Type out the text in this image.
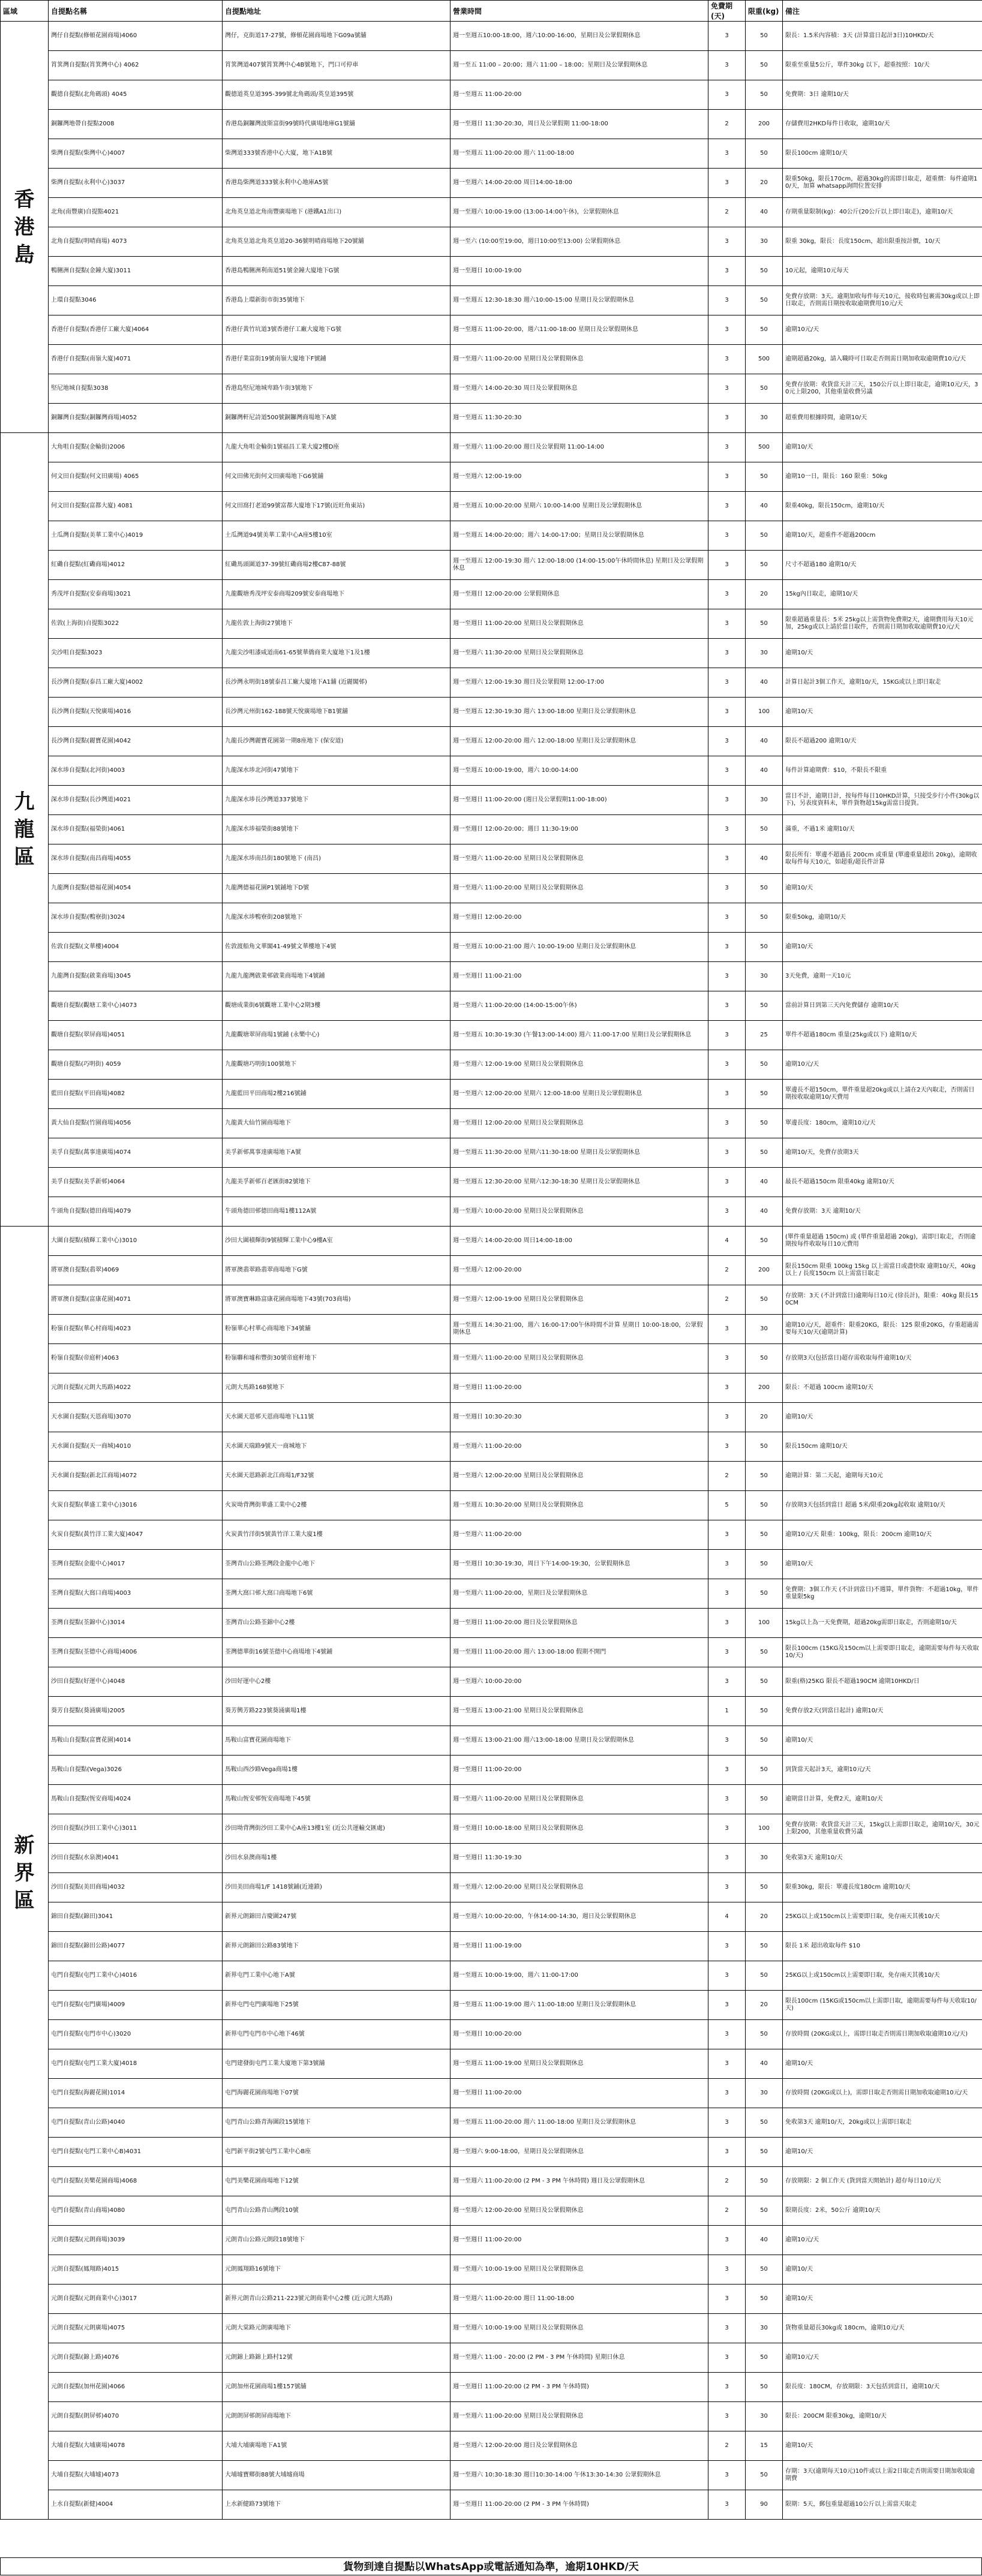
區域	自提點名稱	自提點地址	營業時間	免費期(天)	限重(kg)	備注
香港島	灣仔自提點(修頓花園商場)4060	灣仔，克街道17-27號，修頓花園商場地下G09a號舖	週一至週五10:00-18:00，週六10:00-16:00，星期日及公眾假期休息	3	50	限長：1.5米內容積：3天 (計算當日起計3日)10HKD/天
	筲箕灣自提點(筲箕灣中心) 4062	筲箕灣道407號筲箕灣中心4B號地下，門口可停車	週一至五 11:00 – 20:00；週六 11:00 – 18:00；星期日及公眾假期休息	3	50	限重至重量5公斤，單件30kg 以下，超重按照：10/天
	觀德自提點(北角碼頭) 4045	觀德道英皇道395-399號北角碼頭/英皇道395號	週一至週五 11:00-20:00	3	50	免費期：3日 逾期10/天
	銅鑼灣地帶自提點2008	香港島銅鑼灣波斯富街99號時代廣場地庫G1號舖	週一至週日 11:30-20:30，周日及公眾假期 11:00-18:00	2	200	存儲費用2HKD每件日收取，逾期10/天
	柴灣自提點(柴灣中心)4007	柴灣道333號香港中心大廈，地下A1B號	週一至週五 11:00-20:00 週六 11:00-18:00	3	50	限長100cm 逾期10/天
	柴灣自提點(永利中心)3037	香港島柴灣道333號永利中心地庫A5號	週一至週六 14:00-20:00 周日14:00-18:00	3	20	限重50kg，限長170cm，超過30kg的需即日取走，超重價：每件逾期10/天，加算 whatsapp詢問位置安排
	北角(南豐廣)自提點4021	北角英皇道北角南豐廣場地下 (港鐵A1出口)	週一至週六 10:00-19:00 (13:00-14:00午休)，公眾假期休息	2	40	存期重量限制(kg)：40公斤(20公斤以上即日取走)，逾期10/天
	北角自提點(明晴商場) 4073	北角英皇道北角英皇道20-36號明晴商場地下20號舖	週一至六 (10:00至19:00，週日10:00至13:00) 公眾假期休息	3	30	限重 30kg，限長：長度150cm，超出限重按計價，10/天
	鴨脷洲自提點(金鐘大廈)3011	香港島鴨脷洲利南道51號金鐘大廈地下G號	週一至週日 10:00-19:00	3	50	10元起，逾期10元每天
	上環自提點3046	香港島上環新街市街35號地下	週一至週五 12:30-18:30 週六10:00-15:00 星期日及公眾假期休息	3	50	免費存放期：3天。逾期加收每件每天10元，接收時包裹需30kg或以上即日取走，否則需日期按收取逾期費用10元/天
	香港仔自提點(香港仔工廠大廈)4064	香港仔黃竹坑道3號香港仔工廠大廈地下G號	週一至週五 11:00-20:00，週六11:00-18:00 星期日及公眾假期休息	3	50	逾期10元/天
	香港仔自提點(南嶺大廈)4071	香港仔業富街19號南嶺大廈地下F號鋪	週一至週六 11:00-20:00 星期日及公眾假期休息	3	500	逾期超過20kg，請入職時可日取走否則需日期加收取逾期費10元/天
	堅尼地城自提點3038	香港島堅尼地城卑路乍街3號地下	週一至週六 14:00-20:30 周日及公眾假期休息	3	50	免費存放期：收貨當天計三天，150公斤以上即日取走，逾期10元/天，30元上限200，其他重量收費另議
	銅鑼灣自提點(銅鑼灣商場)4052	銅鑼灣軒尼詩道500號銅鑼灣商場地下A號	週一至週五 11:30-20:30	3	30	超重費用根據時間，逾期10/天
九龍區	大角咀自提點(金輪街)2006	九龍大角咀金輪街1號福昌工業大廈2樓D座	週一至週六 11:00-20:00 週日及公眾假期 11:00-14:00	3	500	逾期10/天
	何文田自提點(何文田廣場) 4065	何文田佛光街何文田廣場地下G6號舖	週一至週六 12:00-19:00	3	50	逾期10一日，限長：160 限重：50kg
	何文田自提點(富都大廈) 4081	何文田窩打老道99號富都大廈地下17號(近旺角東站)	週一至週五 10:00-20:00 星期六 10:00-14:00 星期日及公眾假期休息	3	40	限重40kg，限長150cm，逾期10/天
	土瓜灣自提點(美華工業中心)4019	土瓜灣道94號美華工業中心A座5樓10室	週一至週五 14:00-20:00；週六 14:00-17:00；星期日及公眾假期休息	3	50	逾期10/天，超重件不超過200cm
	紅磡自提點(紅磡商場)4012	紅磡馬頭圍道37-39號紅磡商場2樓C87-88號	週一至週五 12:00-19:30 週六 12:00-18:00 (14:00-15:00午休時間休息) 星期日及公眾假期休息	3	50	尺寸不超過180 逾期10/天
	秀茂坪自提點(安泰商場)3021	九龍觀塘秀茂坪安泰商場209號安泰商場地下	週一至週日 12:00-20:00 公眾假期休息	3	20	15kg內日取走，逾期10/天
	佐敦(上海街)自提點3022	九龍佐敦上海街27號地下	週一至週日 11:00-20:00 星期日及公眾假期休息	3	50	限重超過重量長：5米 25kg以上需貨物免費期2天，逾期費用每天10元加，25kg或以上請於當日取件，否則需日期加收取逾期費10元/天
	尖沙咀自提點3023	九龍尖沙咀漆咸道南61-65號華僑商業大廈地下1及1樓	週一至週六 11:30-20:00 星期日及公眾假期休息	3	30	逾期10/天
	長沙灣自提點(泰昌工廠大廈)4002	長沙灣永明街18號泰昌工廠大廈地下A1舖 (近麗閣邨)	週一至週六 12:00-19:30 週日及公眾假期 12:00-17:00	3	40	計算日起計3個工作天，逾期10/天，15KG或以上即日取走
	長沙灣自提點(天悅廣場)4016	長沙灣元州街162-188號天悅廣場地下B1號舖	週一至週五 12:30-19:30 週六 13:00-18:00 星期日及公眾假期休息	3	100	逾期10/天
	長沙灣自提點(麗寶花園)4042	九龍長沙灣麗寶花園第一期8座地下 (保安道)	週一至週五 12:00-20:00 週六 12:00-18:00 星期日及公眾假期休息	3	40	限長不超過200 逾期10/天
	深水埗自提點(北河街)4003	九龍深水埗北河街47號地下	週一至週五 10:00-19:00，週六 10:00-14:00	3	40	每件計算逾期費：$10，不限長不限重
	深水埗自提點(長沙灣道)4021	九龍深水埗長沙灣道337號地下	週一至週日 11:00-20:00 (週日及公眾假期11:00-18:00)	3	30	當日不計，逾期日計，按每件每日10HKD計算，只接受步行小件(30kg以下)，另表度資料未，單件貨物超15kg需當日提貨。
	深水埗自提點(福榮街)4061	九龍深水埗福榮街88號地下	週一至週日 12:00-20:00；週日 11:30-19:00	3	50	滿重，不過1米 逾期10/天
	深水埗自提點(南昌商場)4055	九龍深水埗南昌街180號地下 (南昌)	週一至週六 11:00-20:00 星期日及公眾假期休息	3	40	限長所有：單邊不超過長 200cm 或重量 (單邊重量超出 20kg)，逾期收取每件每天10元，如超重/超長件計算
	九龍灣自提點(德福花園)4054	九龍灣德福花園P1號鋪地下D號	週一至週六 11:00-20:00 星期日及公眾假期休息	3	50	逾期10/天
	深水埗自提點(鴨寮街)3024	九龍深水埗鴨寮街208號地下	週一至週日 12:00-20:00	3	50	限重50kg，逾期10/天
	佐敦自提點(文華樓)4004	佐敦渡船角文華閣41-49號文華樓地下4號	週一至週五 10:00-21:00 週六 10:00-19:00 星期日及公眾假期休息	3	50	逾期10/天
	九龍灣自提點(啟業商場)3045	九龍九龍灣啟業邨啟業商場地下4號鋪	週一至週日 11:00-21:00	3	30	3天免費，逾期一天10元
	觀塘自提點(觀塘工業中心)4073	觀塘成業街6號觀塘工業中心2期3樓	週一至週六 11:00-20:00 (14:00-15:00午休)	3	50	當前計算日到第三天內免費儲存 逾期10/天
	觀塘自提點(翠屏商場)4051	九龍觀塘翠屏商場1號鋪 (永樂中心)	週一至週五 10:30-19:30 (午餐13:00-14:00) 週六 11:00-17:00 星期日及公眾假期休息	3	25	單件不超過180cm 重量(25kg或以下) 逾期10/天
	觀塘自提點(巧明街) 4059	九龍觀塘巧明街100號地下	週一至週六 12:00-19:00 星期日及公眾假期休息	3	50	逾期10元/天
	藍田自提點(平田商場)4082	九龍藍田平田商場2樓216號鋪	週一至週六 12:00-20:00 星期六 12:00-18:00 星期日及公眾假期休息	3	50	單邊長不超150cm，單件重量超20kg或以上請在2天內取走，否則需日期按收取逾期10/天費用
	黃大仙自提點(竹園商場)4056	九龍黃大仙竹園商場地下	週一至週日 12:00-20:00 星期日及公眾假期休息	3	50	單邊長度：180cm，逾期10元/天
	美孚自提點(萬事達廣場)4074	美孚新邨萬事達廣場地下A號	週一至週五 11:30-20:00 星期六11:30-18:00 星期日及公眾假期休息	3	50	逾期10/天，免費存放期3天
	美孚自提點(美孚新邨)4064	九龍美孚新邨百老匯街82號地下	週一至週五 12:30-20:00 星期六12:30-18:30 星期日及公眾假期休息	3	40	最長不超過150cm 限重40kg 逾期10/天
	牛頭角自提點(德田商場)4079	牛頭角德田邨德田商場1樓112A號	週一至週六 10:00-20:00 星期日及公眾假期休息	3	40	免費存放期：3天 逾期10/天
新界區	大圍自提點(積輝工業中心)3010	沙田大圍積輝街9號積輝工業中心9樓A室	週一至週六 14:00-20:00 周日14:00-18:00	4	50	(單件重量超過 150cm) 或 (單件重量超過 20kg)，需即日取走，否則逾期按每件收取每日10元費用
	將軍澳自提點(翡翠)4069	將軍澳翡翠路翡翠商場地下G號	週一至週六 12:00-20:00	2	200	限長150cm 限重 100kg 15kg 以上需當日或盡快取 逾期10/天，40kg 以上 / 長度150cm 以上需當日取走
	將軍澳自提點(富康花園)4071	將軍澳寶琳路富康花園商場地下43號(703商場)	週一至週六 12:00-19:00 星期日及公眾假期休息	2	50	存放期：3天 (不計到當日)逾期每日10元 (徐長計)，限重：40kg 限長150CM
	粉嶺自提點(華心村商場)4023	粉嶺華心村華心商場地下34號舖	週一至週五 14:30-21:00，週六 16:00-17:00午休時間不計算 星期日 10:00-18:00，公眾假期休息	3	30	逾期10元/天，超重件：限重20KG，限長：125 限重20KG，存重超過需要每天10/天(逾期計算)
	粉嶺自提點(帝庭軒)4063	粉嶺聯和墟和豐街30號帝庭軒地下	週一至週六 11:00-20:00 星期日及公眾假期休息	3	50	存放期3天(包括當日)超存需收取每件逾期10/天
	元朗自提點(元朗大馬路)4022	元朗大馬路168號地下	週一至週日 11:00-20:00	3	200	限長：不超過 100cm 逾期10/天
	天水圍自提點(天恩商場)3070	天水圍天恩邨天恩商場地下L11號	週一至週日 10:30-20:30	3	20	逾期10/天
	天水圍自提點(天一商城)4010	天水圍天瑞路9號天一商城地下	週一至週六 11:00-20:00	3	50	限長150cm 逾期10/天
	天水圍自提點(新北江商場)4072	天水圍天恩路新北江商場1/F32號	週一至週六 12:00-20:00 星期日及公眾假期休息	2	50	逾期計算：第二天起，逾期每天10元
	火炭自提點(華盛工業中心)3016	火炭坳背灣街華盛工業中心2樓	週一至週五 10:30-20:00 星期日及公眾假期休息	5	50	存放期3天包括到當日 超過 5米/限重20kg起收取 逾期10/天
	火炭自提點(黃竹洋工業大廈)4047	火炭黃竹洋街5號黃竹洋工業大廈1樓	週一至週六 11:00-20:00	3	50	逾期10元/天 限重：100kg，限長：200cm 逾期10/天
	荃灣自提點(金龍中心)4017	荃灣青山公路荃灣段金龍中心地下	週一至週日 10:30-19:30，周日下午14:00-19:30，公眾假期休息	3	50	逾期10/天
	荃灣自提點(大窩口商場)4003	荃灣大窩口邨大窩口商場地下6號	週一至週六 11:00-20:00，星期日及公眾假期休息	3	50	免費期：3個工作天 (不計到當日)不週算，單件貨物：不超過10kg，單件重量限5kg
	荃灣自提點(荃錦中心)3014	荃灣青山公路荃錦中心2樓	週一至週日 11:00-20:00 週日及公眾假期休息	3	100	15kg以上為一天免費期，超過20kg需即日取走，否則逾期10/天
	荃灣自提點(荃德中心商場)4006	荃灣德華街16號荃德中心商場地下4號鋪	週一至週日 11:00-20:00 週六 13:00-18:00 假期不開門	3	50	限長100cm (15KG及150cm以上需要即日取走，逾期需要每件每天收取10/天)
	沙田自提點(好運中心)4048	沙田好運中心2樓	週一至週六 10:00-20:00	3	50	限重(格)25KG 限長不超過190CM 逾期10HKD/日
	葵芳自提點(葵涌廣場)2005	葵芳興芳路223號葵涌廣場1樓	週一至週五 13:00-21:00 星期日及公眾假期休息	1	50	免費存放2天(到當日起計) 逾期10/天
	馬鞍山自提點(富寶花園)4014	馬鞍山富寶花園商場地下	週一至週五 13:00-21:00 週六13:00-18:00 星期日及公眾假期休息	3	50	逾期10/天
	馬鞍山自提點(Vega)3026	馬鞍山西沙路Vega商場1樓	週一至週日 11:00-20:00	3	50	到貨當天起計3天，逾期10元/天
	馬鞍山自提點(恆安商場)4024	馬鞍山恆安邨恆安商場地下45號	週一至週六 11:00-20:00 星期日及公眾假期休息	3	50	逾期當日計算，免費2天，逾期10/天
	沙田自提點(沙田工業中心)3011	沙田坳背灣街沙田工業中心A座13樓1室 (近公共運輸交匯處)	週一至週日 10:00-18:00 星期日及公眾假期休息	3	100	免費存放期：收貨當天計三天，15kg以上需即日取走，逾期10/天，30元上限200，其他重量收費另議
	沙田自提點(水泉澳)4041	沙田水泉澳商場1樓	週一至週日 11:30-19:30	3	30	免收第3天 逾期10/天
	沙田自提點(美田商場)4032	沙田美田商場1/F 1418號鋪(近連鎖)	週一至週六 12:00-20:00 星期日及公眾假期休息	3	50	限重30kg，限長：單邊長度180cm 逾期10/天
	錦田自提點(錦田)3041	新界元朗錦田吉慶圍247號	週一至週六 10:00-20:00，午休14:00-14:30，週日及公眾假期休息	4	20	25KG以上或150cm以上需要即日取，免存兩天其後10/天
	錦田自提點(錦田公路)4077	新界元朗錦田公路83號地下	週一至週日 11:00-19:00	3	50	限長 1米 超出收取每件 $10
	屯門自提點(屯門工業中心)4016	新界屯門工業中心地下A號	週一至週五 10:00-19:00，週六 11:00-17:00	3	50	25KG以上或150cm以上需要即日取，免存兩天其後10/天
	屯門自提點(屯門廣場)4009	新界屯門屯門廣場地下25號	週一至週五 11:00-19:00 週六 11:00-18:00 星期日及公眾假期休息	3	20	限長100cm (15KG或150cm以上需即日取，逾期需要每件每天收取10/天)
	屯門自提點(屯門市中心)3020	新界屯門屯門市中心地下46號	週一至週日 10:00-20:00	3	50	存放時間 (20KG或以上，需即日取走否則需日期加收取逾期10元/天)
	屯門自提點(屯門工業大廈)4018	屯門建發街屯門工業大廈地下第3號舖	週一至週五 11:00-19:00 星期日及公眾假期休息	3	40	逾期10/天
	屯門自提點(海麗花園)1014	屯門海麗花園商場地下07號	週一至週日 11:00-20:00	3	30	存放時間 (20KG或以上)，需即日取走否則需日期加收取逾期10元/天
	屯門自提點(青山公路)4040	屯門青山公路青海圍段15號地下	週一至週五 11:00-20:00 週六 11:00-18:00 星期日及公眾假期休息	3	50	免收第3天 逾期10/天，20kg或以上需即日取走
	屯門自提點(屯門工業中心B)4031	屯門新平街2號屯門工業中心B座	週一至週六 9:00-18:00，星期日及公眾假期休息	3	50	逾期10/天
	屯門自提點(美樂花園商場)4068	屯門美樂花園商場地下12號	週一至週六 11:00-20:00 (2 PM - 3 PM 午休時間) 週日及公眾假期休息	2	50	存放期限：2 個工作天 (貨到當天開始計) 超存每日10元/天
	屯門自提點(青山商場)4080	屯門青山公路青山灣段10號	週一至週六 12:00-20:00 星期日及公眾假期休息	2	50	限期長度：2米，50公斤 逾期10/天
	元朗自提點(元朗商場)3039	元朗青山公路元朗段18號地下	週一至週日 11:00-20:00	3	40	逾期10元/天
	元朗自提點(鳳翔路)4015	元朗鳳翔路16號地下	週一至週六 10:00-19:00 星期日及公眾假期休息	3	50	逾期10/天
	元朗自提點(元朗商業中心)3017	新界元朗青山公路211-223號元朗商業中心2樓 (近元朗大馬路)	週一至週六 11:00-20:00 週日 11:00-18:00	3	50	逾期10/天
	元朗自提點(元朗廣場)4075	元朗大棠路元朗廣場地下	週一至週六 10:00-19:00 星期日及公眾假期休息	3	30	貨物重量超長30kg或 180cm，逾期10元/天
	元朗自提點(錦上路)4076	元朗錦上路錦上路村12號	週一至週六 11:00 - 20:00 (2 PM - 3 PM 午休時間) 星期日休息	3	50	逾期10元/天
	元朗自提點(加州花園)4066	元朗加州花園商場1樓157號舖	週一至週日 11:00-20:00 (2 PM - 3 PM 午休時間)	3	50	限長度：180CM，存放期限：3天包括到當日，逾期10/天
	元朗自提點(朗屏邨)4070	元朗朗屏邨朗屏商場地下	週一至週六 11:00-20:00 星期日及公眾假期休息	3	30	限長：200CM 限重30kg，逾期10/天
	大埔自提點(大埔廣場)4078	大埔大埔廣場地下A1號	週一至週六 12:00-20:00 週日及公眾假期休息	2	15	逾期10/天
	大埔自提點(大埔墟)4073	大埔墟寶鄉街88號大埔墟商場	週一至週六 10:30-18:30 週日10:30-14:00 午休13:30-14:30 公眾假期休息	3	50	存期：3天(逾期每天10元)10件或以上需2日取走否則需要日期加收取逾期費
	上水自提點(新健)4004	上水新健路73號地下	週一至週日 11:00-20:00 (2 PM - 3 PM 午休時間)	3	90	限期：5天，郵包重量超過10公斤以上需當天取走
貨物到達自提點以WhatsApp或電話通知為準，逾期10HKD/天
